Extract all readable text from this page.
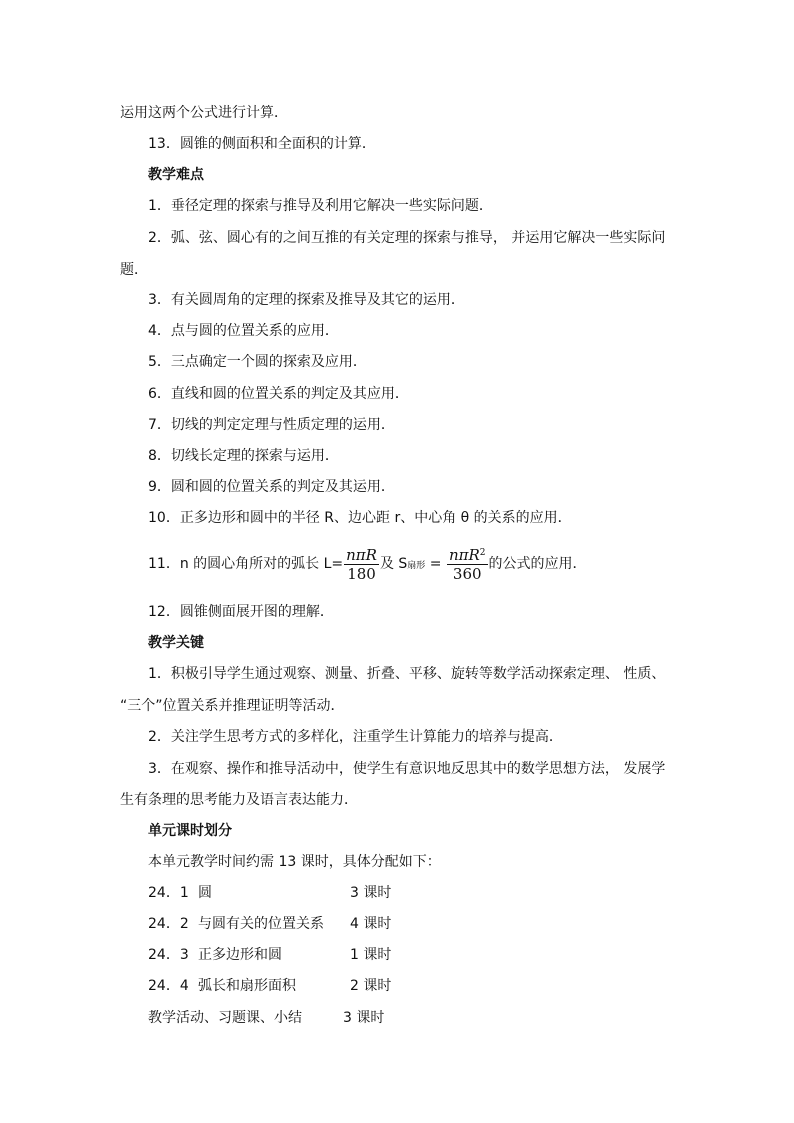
运用这两个公式进行计算．
13．圆锥的侧面积和全面积的计算．
教学难点
1．垂径定理的探索与推导及利用它解决一些实际问题．
2．弧、弦、圆心有的之间互推的有关定理的探索与推导， 并运用它解决一些实际问
题．
3．有关圆周角的定理的探索及推导及其它的运用．
4．点与圆的位置关系的应用．
5．三点确定一个圆的探索及应用．
6．直线和圆的位置关系的判定及其应用．
7．切线的判定定理与性质定理的运用．
8．切线长定理的探索与运用．
9．圆和圆的位置关系的判定及其运用．
10．正多边形和圆中的半径 R、边心距 r、中心角 θ 的关系的应用．
11．n 的圆心角所对的弧长 $L= \frac{\text{nπR}}{180}$ 及 S扇形 = $\frac{n\pi R^2}{360}$ 的公式的应用．
12．圆锥侧面展开图的理解．
教学关键
1．积极引导学生通过观察、测量、折叠、平移、旋转等数学活动探索定理、 性质、
“三个”位置关系并推理证明等活动．
2．关注学生思考方式的多样化，注重学生计算能力的培养与提高．
3．在观察、操作和推导活动中，使学生有意识地反思其中的数学思想方法， 发展学
生有条理的思考能力及语言表达能力．
单元课时划分
本单元教学时间约需 13 课时，具体分配如下：
24．1 圆	3 课时
24．2 与圆有关的位置关系 4 课时
24．3 正多边形和圆	1 课时
24．4 弧长和扇形面积	2 课时
教学活动、习题课、小结	3 课时
